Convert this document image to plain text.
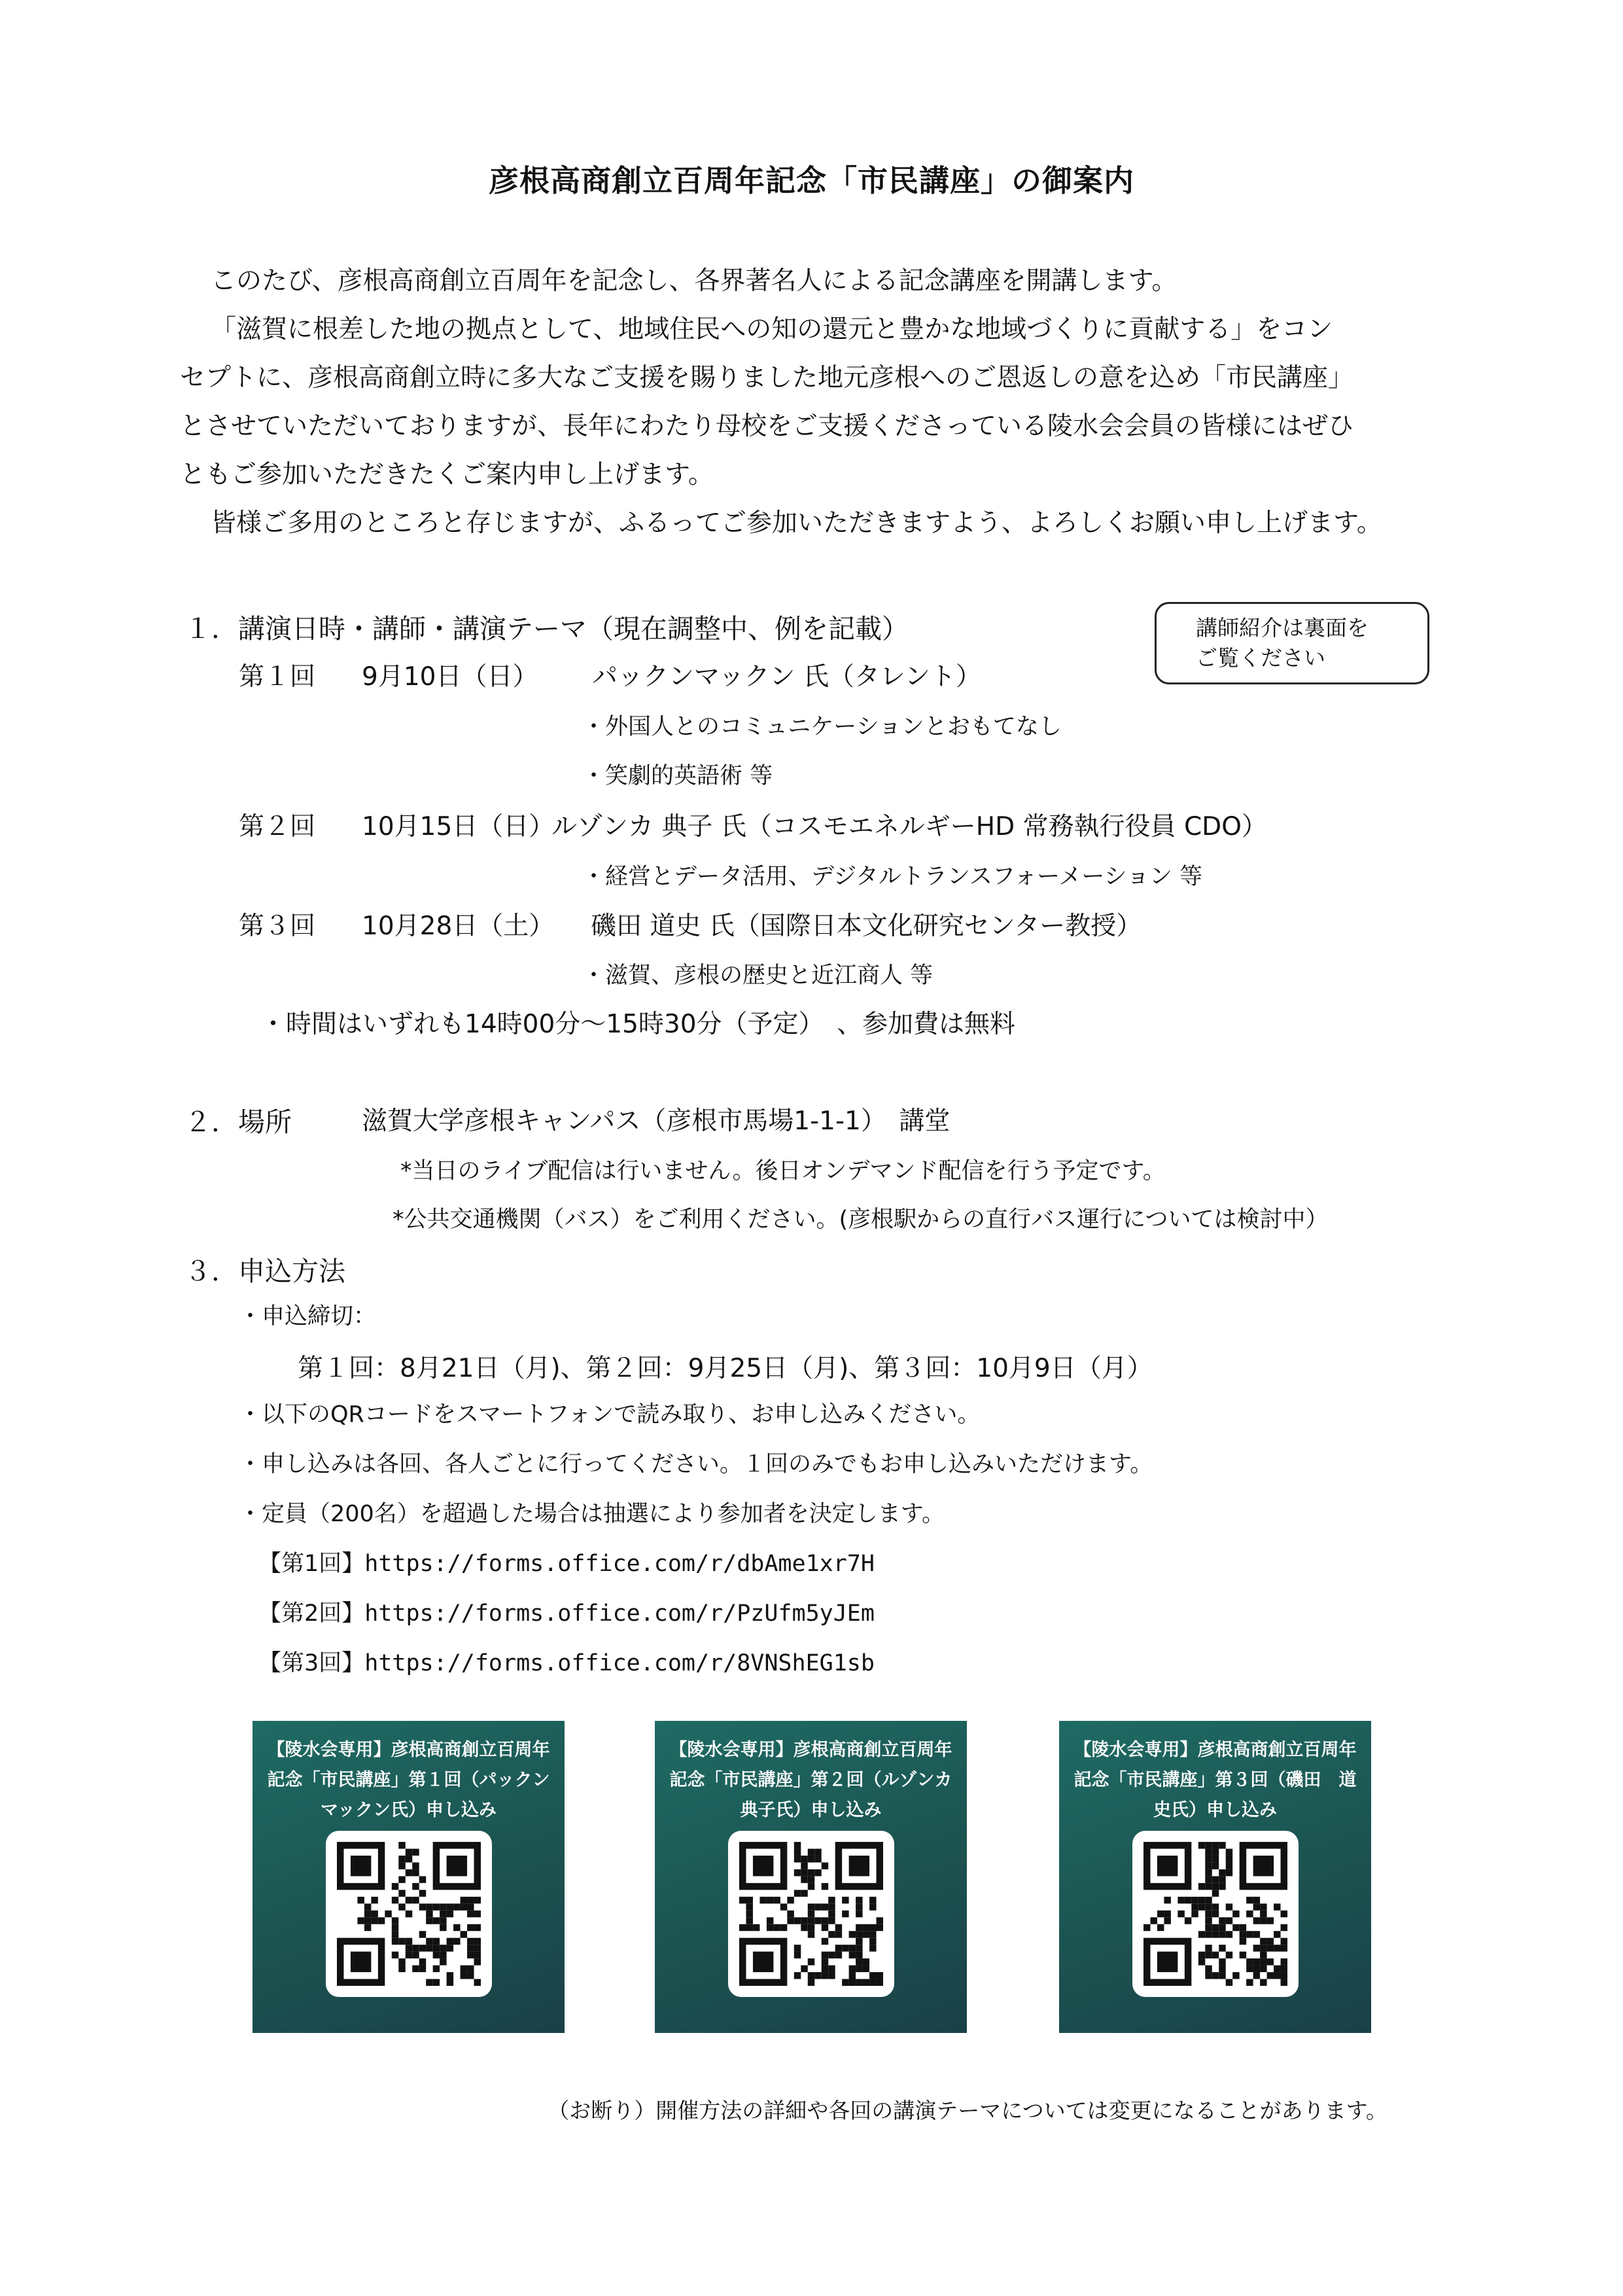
彦根高商創立百周年記念「市民講座」の御案内
このたび、彦根高商創立百周年を記念し、各界著名人による記念講座を開講します。
「滋賀に根差した地の拠点として、地域住民への知の還元と豊かな地域づくりに貢献する」をコン
セプトに、彦根高商創立時に多大なご支援を賜りました地元彦根へのご恩返しの意を込め「市民講座」
とさせていただいておりますが、長年にわたり母校をご支援くださっている陵水会会員の皆様にはぜひ
ともご参加いただきたくご案内申し上げます。
皆様ご多用のところと存じますが、ふるってご参加いただきますよう、よろしくお願い申し上げます。
１．講演日時・講師・講演テーマ（現在調整中、例を記載）	講師紹介は裏面を
ご覧ください
第１回 9月10日（日） パックンマックン 氏（タレント）
・外国人とのコミュニケーションとおもてなし
・笑劇的英語術 等
第２回 10月15日（日）
ルゾンカ 典子 氏（コスモエネルギーHD 常務執行役員 CDO）
・経営とデータ活用、デジタルトランスフォーメーション 等
第３回 10月28日（土） 磯田 道史 氏（国際日本文化研究センター教授）
・滋賀、彦根の歴史と近江商人 等
・時間はいずれも14時00分～15時30分（予定）　、参加費は無料
２．場所	滋賀大学彦根キャンパス（彦根市馬場1-1-1）　講堂
*当日のライブ配信は行いません。後日オンデマンド配信を行う予定です。
*公共交通機関（バス）をご利用ください。(彦根駅からの直行バス運行については検討中）
３．申込方法
・申込締切：
第１回：8月21日（月)、第２回：9月25日（月)、第３回：10月9日（月）
・以下のQRコードをスマートフォンで読み取り、お申し込みください。
・申し込みは各回、各人ごとに行ってください。１回のみでもお申し込みいただけます。
・定員（200名）を超過した場合は抽選により参加者を決定します。
【第1回】https://forms.office.com/r/dbAme1xr7H
【第2回】https://forms.office.com/r/PzUfm5yJEm
【第3回】https://forms.office.com/r/8VNShEG1sb
【陵水会専用】彦根高商創立百周年記念「市民講座」第１回（パックンマックン氏）申し込み
【陵水会専用】彦根高商創立百周年記念「市民講座」第２回（ルゾンカ典子氏）申し込み
【陵水会専用】彦根高商創立百周年記念「市民講座」第３回（磯田　道史氏）申し込み
（お断り）開催方法の詳細や各回の講演テーマについては変更になることがあります。
